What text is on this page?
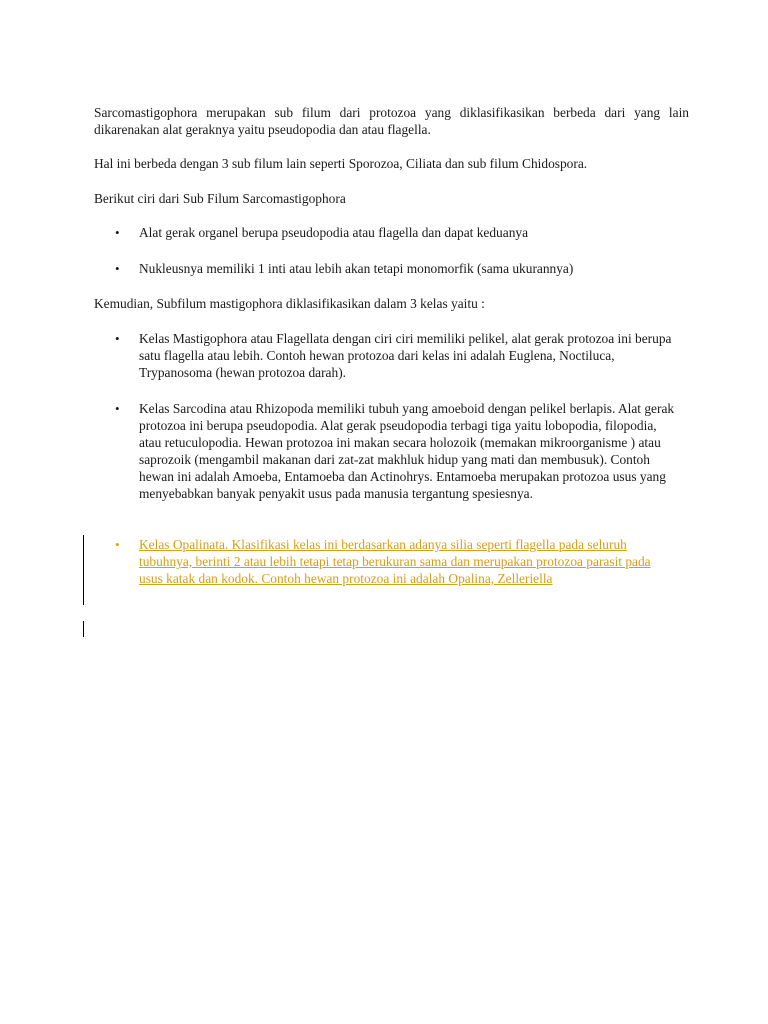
Sarcomastigophora merupakan sub filum dari protozoa yang diklasifikasikan berbeda dari yang lain dikarenakan alat geraknya yaitu pseudopodia dan atau flagella.

Hal ini berbeda dengan 3 sub filum lain seperti Sporozoa, Ciliata dan sub filum Chidospora.

Berikut ciri dari Sub Filum Sarcomastigophora

•	Alat gerak organel berupa pseudopodia atau flagella dan dapat keduanya

•	Nukleusnya memiliki 1 inti atau lebih akan tetapi monomorfik (sama ukurannya)

Kemudian, Subfilum mastigophora diklasifikasikan dalam 3 kelas yaitu :

•	Kelas Mastigophora atau Flagellata dengan ciri ciri memiliki pelikel, alat gerak protozoa ini berupa satu flagella atau lebih. Contoh hewan protozoa dari kelas ini adalah Euglena, Noctiluca, Trypanosoma (hewan protozoa darah).

•	Kelas Sarcodina atau Rhizopoda memiliki tubuh yang amoeboid dengan pelikel berlapis. Alat gerak protozoa ini berupa pseudopodia. Alat gerak pseudopodia terbagi tiga yaitu lobopodia, filopodia, atau retuculopodia. Hewan protozoa ini makan secara holozoik (memakan mikroorganisme ) atau saprozoik (mengambil makanan dari zat-zat makhluk hidup yang mati dan membusuk). Contoh hewan ini adalah Amoeba, Entamoeba dan Actinohrys. Entamoeba merupakan protozoa usus yang menyebabkan banyak penyakit usus pada manusia tergantung spesiesnya.

•	Kelas Opalinata. Klasifikasi kelas ini berdasarkan adanya silia seperti flagella pada seluruh tubuhnya, berinti 2 atau lebih tetapi tetap berukuran sama dan merupakan protozoa parasit pada usus katak dan kodok. Contoh hewan protozoa ini adalah Opalina, Zelleriella
